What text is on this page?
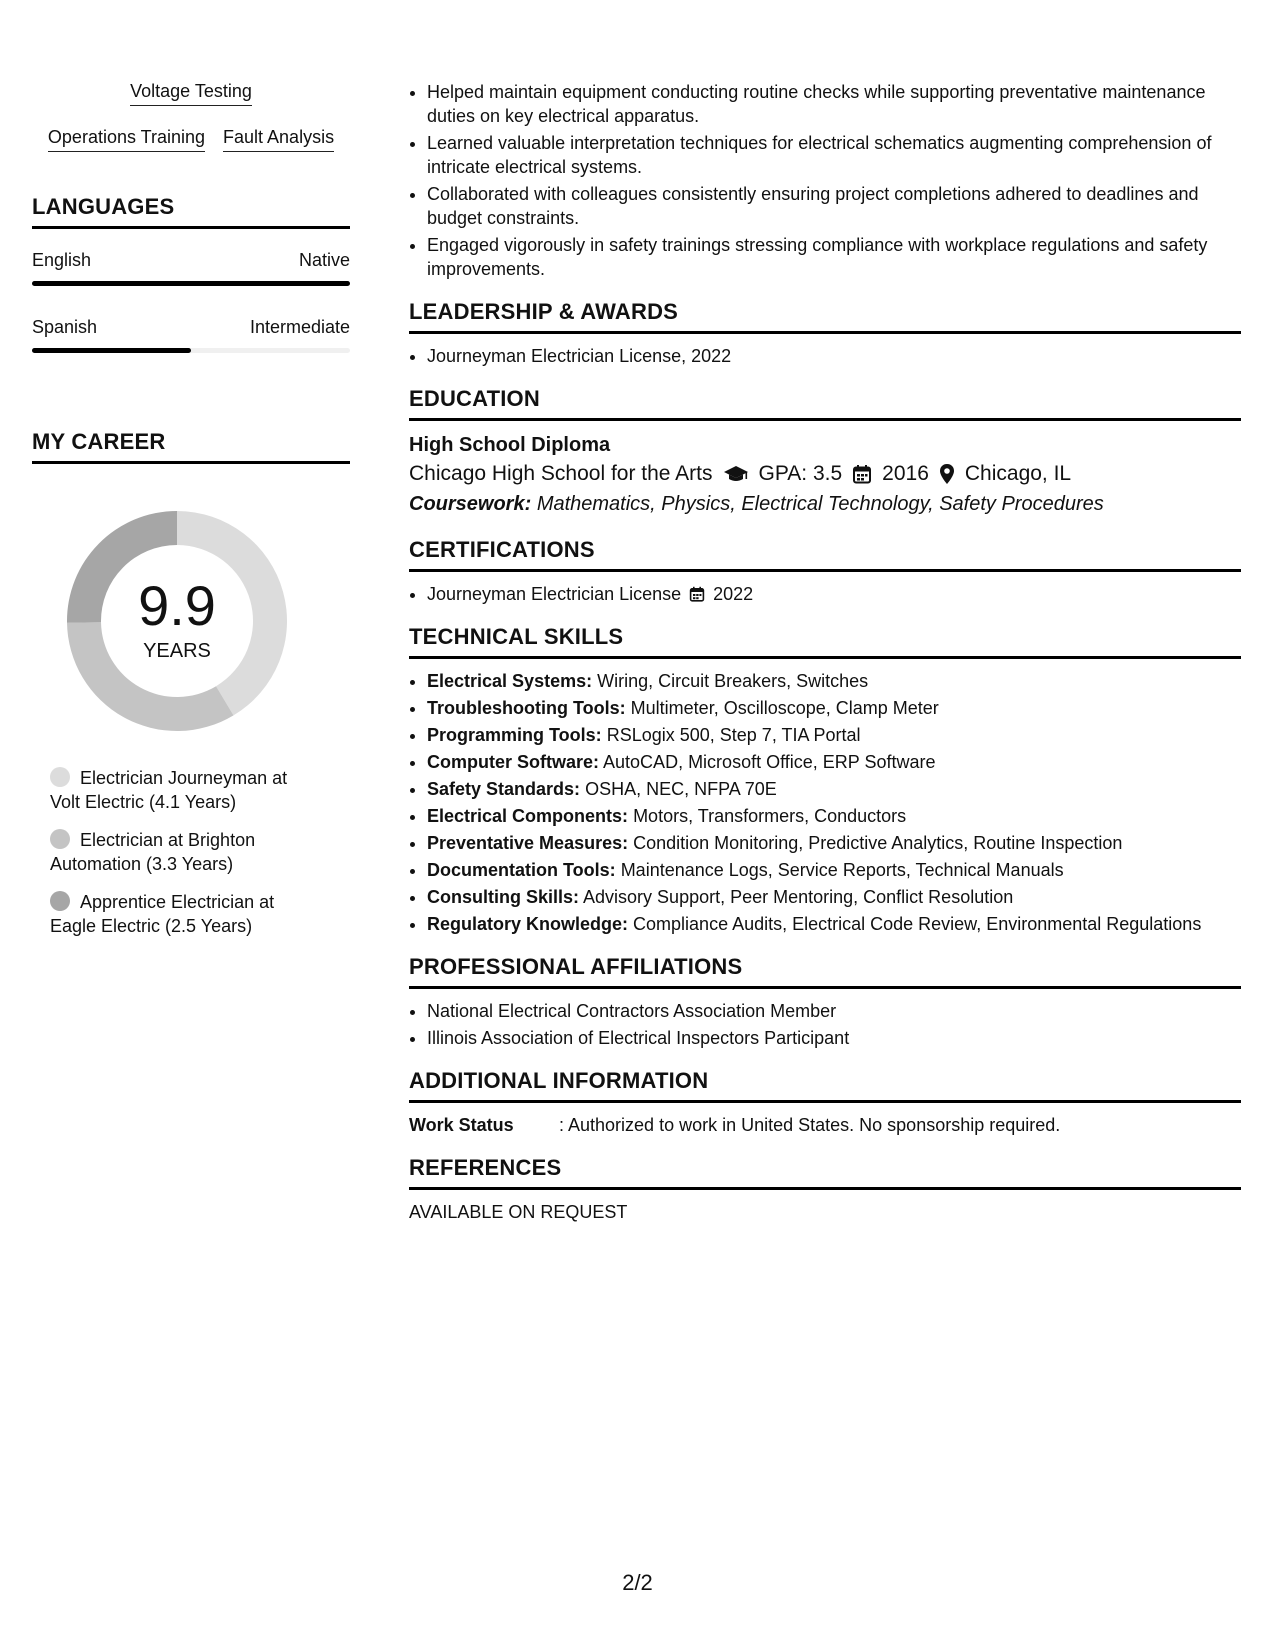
Voltage Testing
Operations Training Fault Analysis
LANGUAGES
English	Native
Spanish	Intermediate
MY CAREER
9.9
YEARS
Electrician Journeyman at Volt Electric (4.1 Years)
Electrician at Brighton Automation (3.3 Years)
Apprentice Electrician at Eagle Electric (2.5 Years)
• Helped maintain equipment conducting routine checks while supporting preventative maintenance duties on key electrical apparatus.
• Learned valuable interpretation techniques for electrical schematics augmenting comprehension of intricate electrical systems.
• Collaborated with colleagues consistently ensuring project completions adhered to deadlines and budget constraints.
• Engaged vigorously in safety trainings stressing compliance with workplace regulations and safety improvements.
LEADERSHIP & AWARDS
• Journeyman Electrician License, 2022
EDUCATION
High School Diploma
Chicago High School for the Arts GPA: 3.5 2016 Chicago, IL
Coursework: Mathematics, Physics, Electrical Technology, Safety Procedures
CERTIFICATIONS
• Journeyman Electrician License 2022
TECHNICAL SKILLS
• Electrical Systems: Wiring, Circuit Breakers, Switches
• Troubleshooting Tools: Multimeter, Oscilloscope, Clamp Meter
• Programming Tools: RSLogix 500, Step 7, TIA Portal
• Computer Software: AutoCAD, Microsoft Office, ERP Software
• Safety Standards: OSHA, NEC, NFPA 70E
• Electrical Components: Motors, Transformers, Conductors
• Preventative Measures: Condition Monitoring, Predictive Analytics, Routine Inspection
• Documentation Tools: Maintenance Logs, Service Reports, Technical Manuals
• Consulting Skills: Advisory Support, Peer Mentoring, Conflict Resolution
• Regulatory Knowledge: Compliance Audits, Electrical Code Review, Environmental Regulations
PROFESSIONAL AFFILIATIONS
• National Electrical Contractors Association Member
• Illinois Association of Electrical Inspectors Participant
ADDITIONAL INFORMATION
Work Status	: Authorized to work in United States. No sponsorship required.
REFERENCES
AVAILABLE ON REQUEST
2/2
